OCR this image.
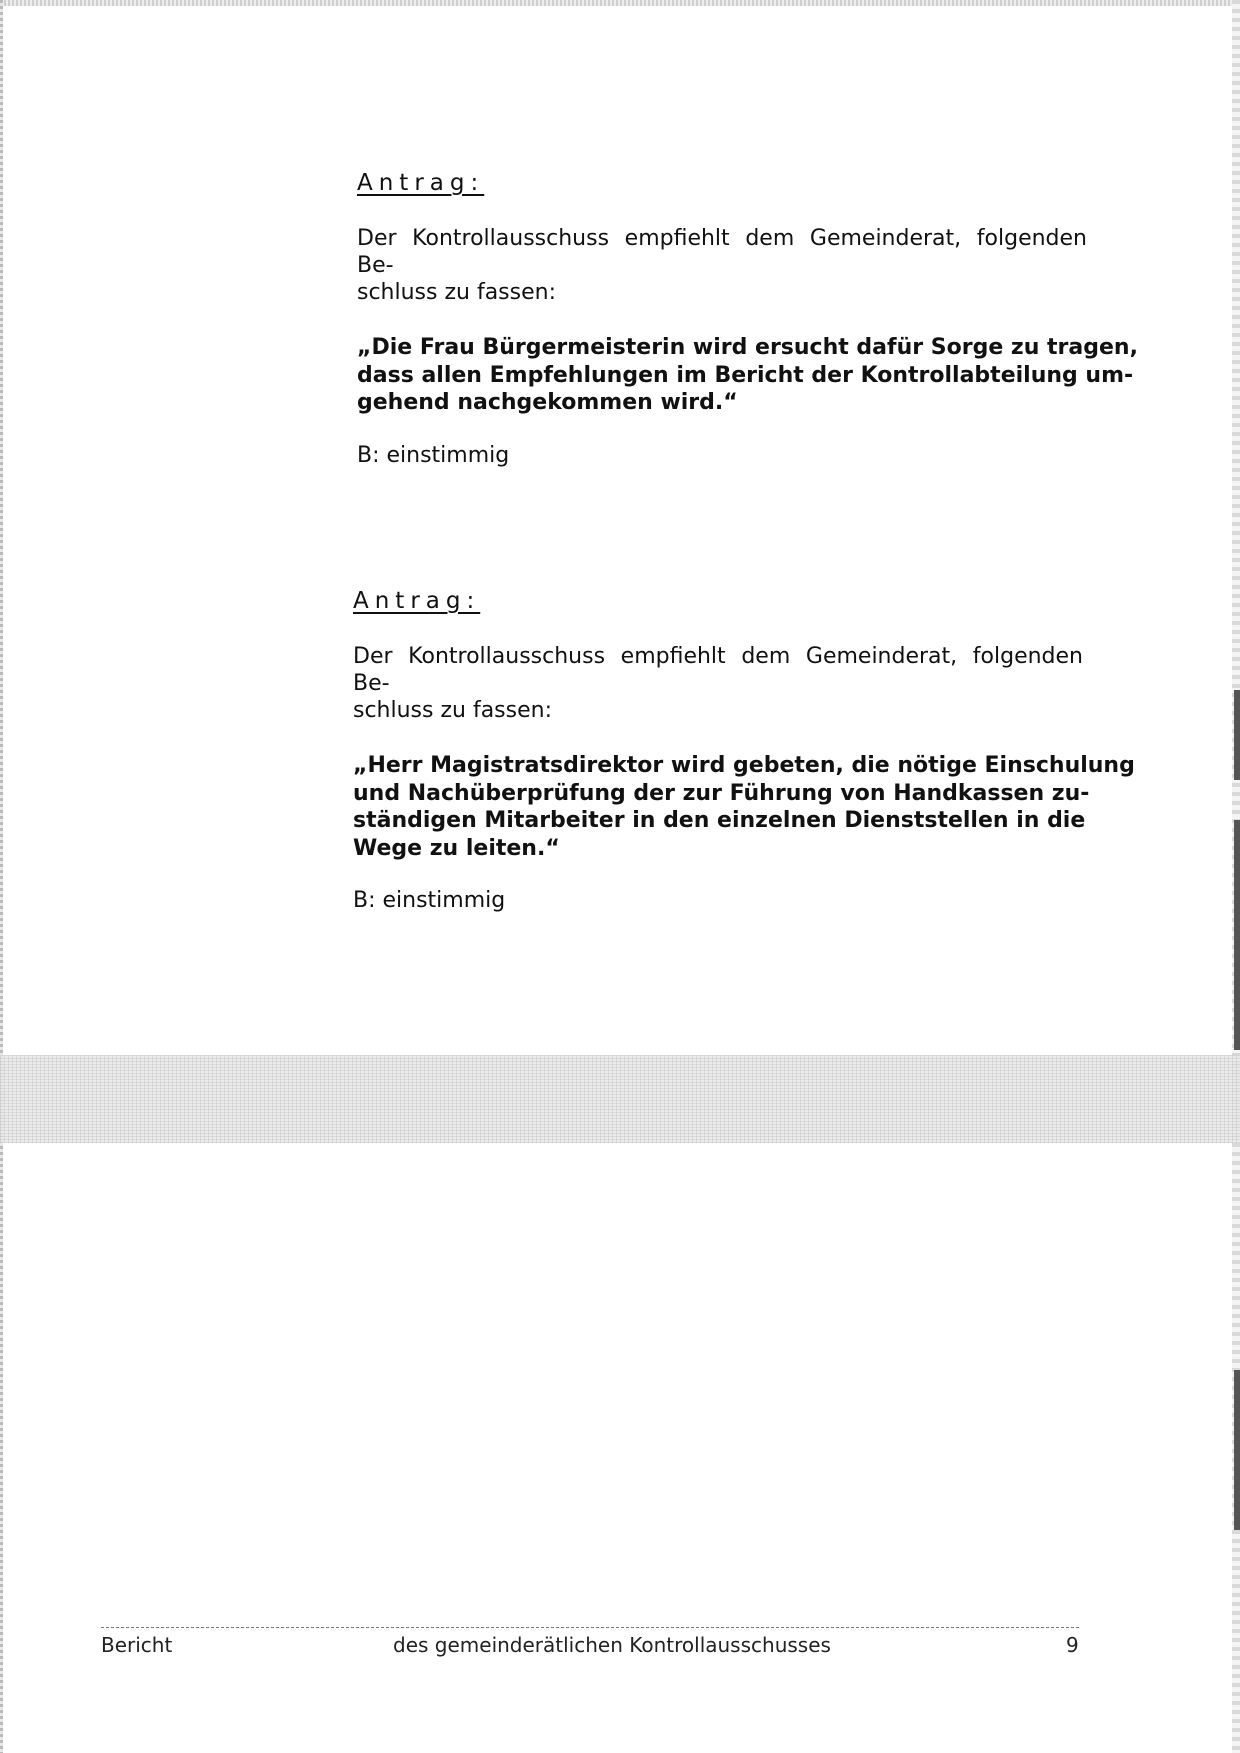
Antrag:

Der Kontrollausschuss empfiehlt dem Gemeinderat, folgenden Be-
schluss zu fassen:

„Die Frau Bürgermeisterin wird ersucht dafür Sorge zu tragen,
dass allen Empfehlungen im Bericht der Kontrollabteilung um-
gehend nachgekommen wird.“

B: einstimmig

Antrag:

Der Kontrollausschuss empfiehlt dem Gemeinderat, folgenden Be-
schluss zu fassen:

„Herr Magistratsdirektor wird gebeten, die nötige Einschulung
und Nachüberprüfung der zur Führung von Handkassen zu-
ständigen Mitarbeiter in den einzelnen Dienststellen in die
Wege zu leiten.“

B: einstimmig

Bericht	des gemeinderätlichen Kontrollausschusses	9
